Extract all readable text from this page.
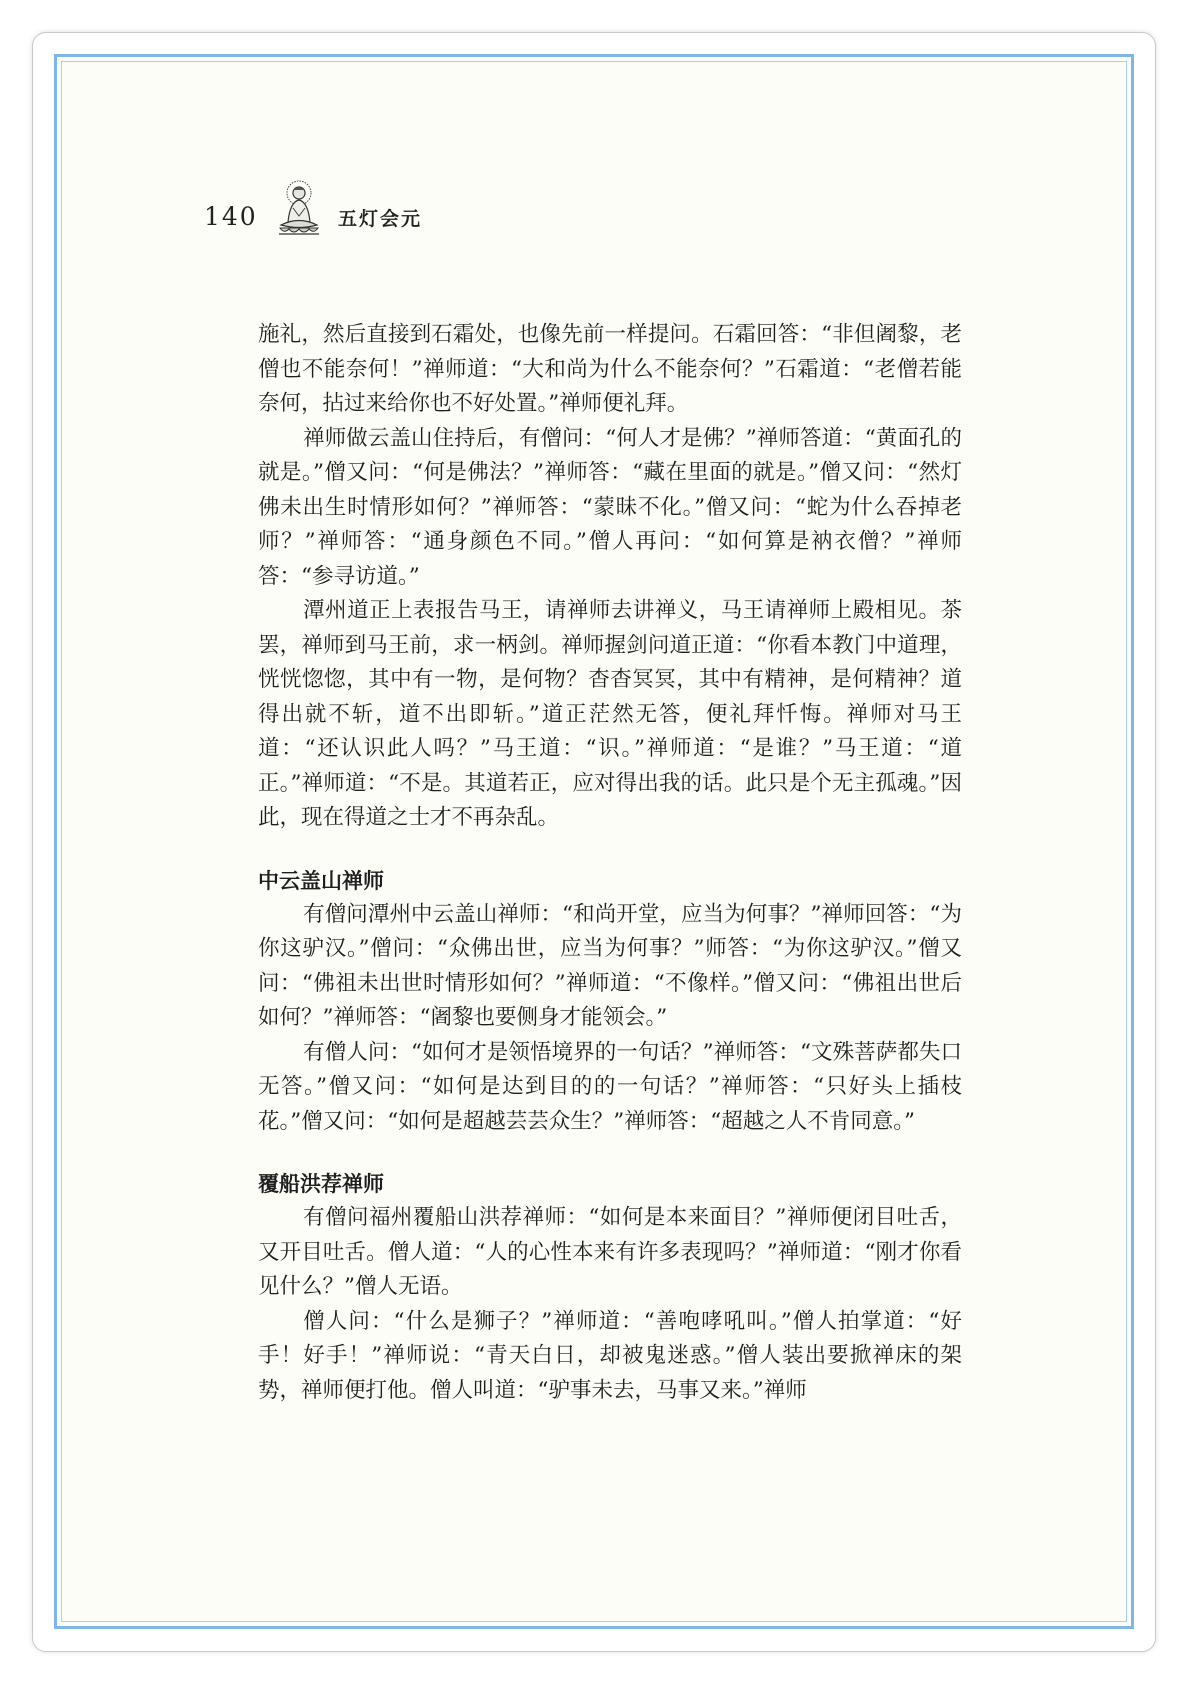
140	五灯会元

施礼，然后直接到石霜处，也像先前一样提问。石霜回答：“非但阇黎，老僧也不能奈何！”禅师道：“大和尚为什么不能奈何？”石霜道：“老僧若能奈何，拈过来给你也不好处置。”禅师便礼拜。

禅师做云盖山住持后，有僧问：“何人才是佛？”禅师答道：“黄面孔的就是。”僧又问：“何是佛法？”禅师答：“藏在里面的就是。”僧又问：“然灯佛未出生时情形如何？”禅师答：“蒙昧不化。”僧又问：“蛇为什么吞掉老师？”禅师答：“通身颜色不同。”僧人再问：“如何算是衲衣僧？”禅师答：“参寻访道。”

潭州道正上表报告马王，请禅师去讲禅义，马王请禅师上殿相见。茶罢，禅师到马王前，求一柄剑。禅师握剑问道正道：“你看本教门中道理，恍恍惚惚，其中有一物，是何物？杳杳冥冥，其中有精神，是何精神？道得出就不斩，道不出即斩。”道正茫然无答，便礼拜忏悔。禅师对马王道：“还认识此人吗？”马王道：“识。”禅师道：“是谁？”马王道：“道正。”禅师道：“不是。其道若正，应对得出我的话。此只是个无主孤魂。”因此，现在得道之士才不再杂乱。

中云盖山禅师

有僧问潭州中云盖山禅师：“和尚开堂，应当为何事？”禅师回答：“为你这驴汉。”僧问：“众佛出世，应当为何事？”师答：“为你这驴汉。”僧又问：“佛祖未出世时情形如何？”禅师道：“不像样。”僧又问：“佛祖出世后如何？”禅师答：“阇黎也要侧身才能领会。”

有僧人问：“如何才是领悟境界的一句话？”禅师答：“文殊菩萨都失口无答。”僧又问：“如何是达到目的的一句话？”禅师答：“只好头上插枝花。”僧又问：“如何是超越芸芸众生？”禅师答：“超越之人不肯同意。”

覆船洪荐禅师

有僧问福州覆船山洪荐禅师：“如何是本来面目？”禅师便闭目吐舌，又开目吐舌。僧人道：“人的心性本来有许多表现吗？”禅师道：“刚才你看见什么？”僧人无语。

僧人问：“什么是狮子？”禅师道：“善咆哮吼叫。”僧人拍掌道：“好手！好手！”禅师说：“青天白日，却被鬼迷惑。”僧人装出要掀禅床的架势，禅师便打他。僧人叫道：“驴事未去，马事又来。”禅师
